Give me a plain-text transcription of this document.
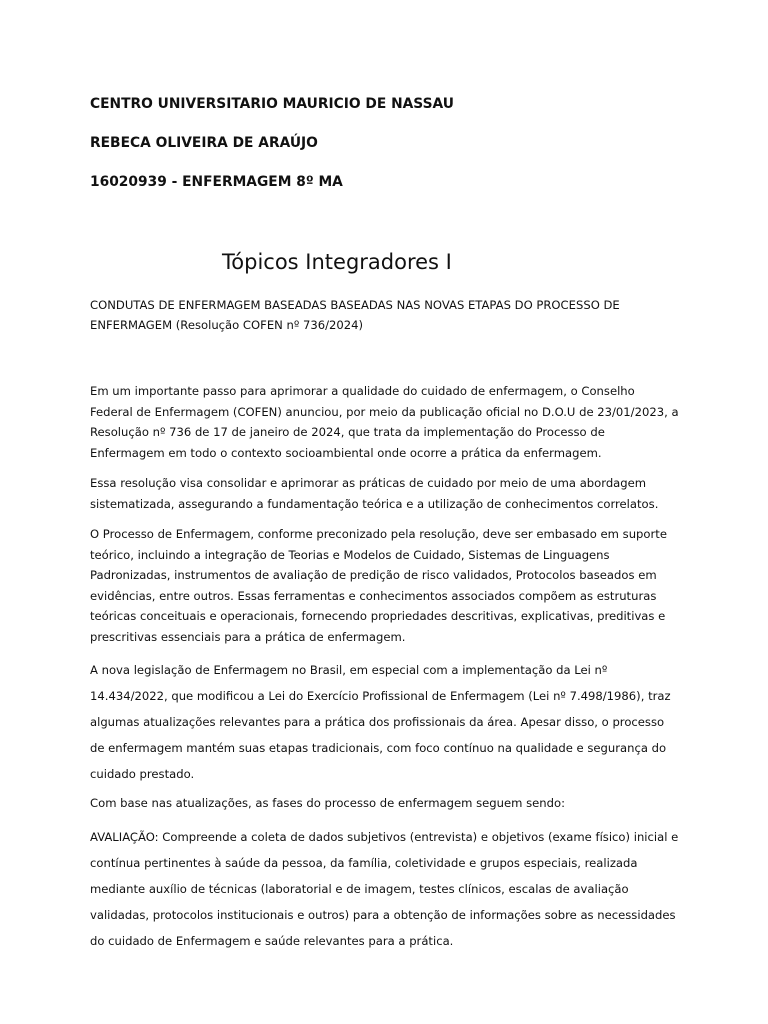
CENTRO UNIVERSITARIO MAURICIO DE NASSAU

REBECA OLIVEIRA DE ARAÚJO

16020939 - ENFERMAGEM 8º MA

Tópicos Integradores I

CONDUTAS DE ENFERMAGEM BASEADAS BASEADAS NAS NOVAS ETAPAS DO PROCESSO DE ENFERMAGEM (Resolução COFEN nº 736/2024)

Em um importante passo para aprimorar a qualidade do cuidado de enfermagem, o Conselho Federal de Enfermagem (COFEN) anunciou, por meio da publicação oficial no D.O.U de 23/01/2023, a Resolução nº 736 de 17 de janeiro de 2024, que trata da implementação do Processo de Enfermagem em todo o contexto socioambiental onde ocorre a prática da enfermagem.

Essa resolução visa consolidar e aprimorar as práticas de cuidado por meio de uma abordagem sistematizada, assegurando a fundamentação teórica e a utilização de conhecimentos correlatos.

O Processo de Enfermagem, conforme preconizado pela resolução, deve ser embasado em suporte teórico, incluindo a integração de Teorias e Modelos de Cuidado, Sistemas de Linguagens Padronizadas, instrumentos de avaliação de predição de risco validados, Protocolos baseados em evidências, entre outros. Essas ferramentas e conhecimentos associados compõem as estruturas teóricas conceituais e operacionais, fornecendo propriedades descritivas, explicativas, preditivas e prescritivas essenciais para a prática de enfermagem.

A nova legislação de Enfermagem no Brasil, em especial com a implementação da Lei nº 14.434/2022, que modificou a Lei do Exercício Profissional de Enfermagem (Lei nº 7.498/1986), traz algumas atualizações relevantes para a prática dos profissionais da área. Apesar disso, o processo de enfermagem mantém suas etapas tradicionais, com foco contínuo na qualidade e segurança do cuidado prestado.

Com base nas atualizações, as fases do processo de enfermagem seguem sendo:

AVALIAÇÃO: Compreende a coleta de dados subjetivos (entrevista) e objetivos (exame físico) inicial e contínua pertinentes à saúde da pessoa, da família, coletividade e grupos especiais, realizada mediante auxílio de técnicas (laboratorial e de imagem, testes clínicos, escalas de avaliação validadas, protocolos institucionais e outros) para a obtenção de informações sobre as necessidades do cuidado de Enfermagem e saúde relevantes para a prática.
